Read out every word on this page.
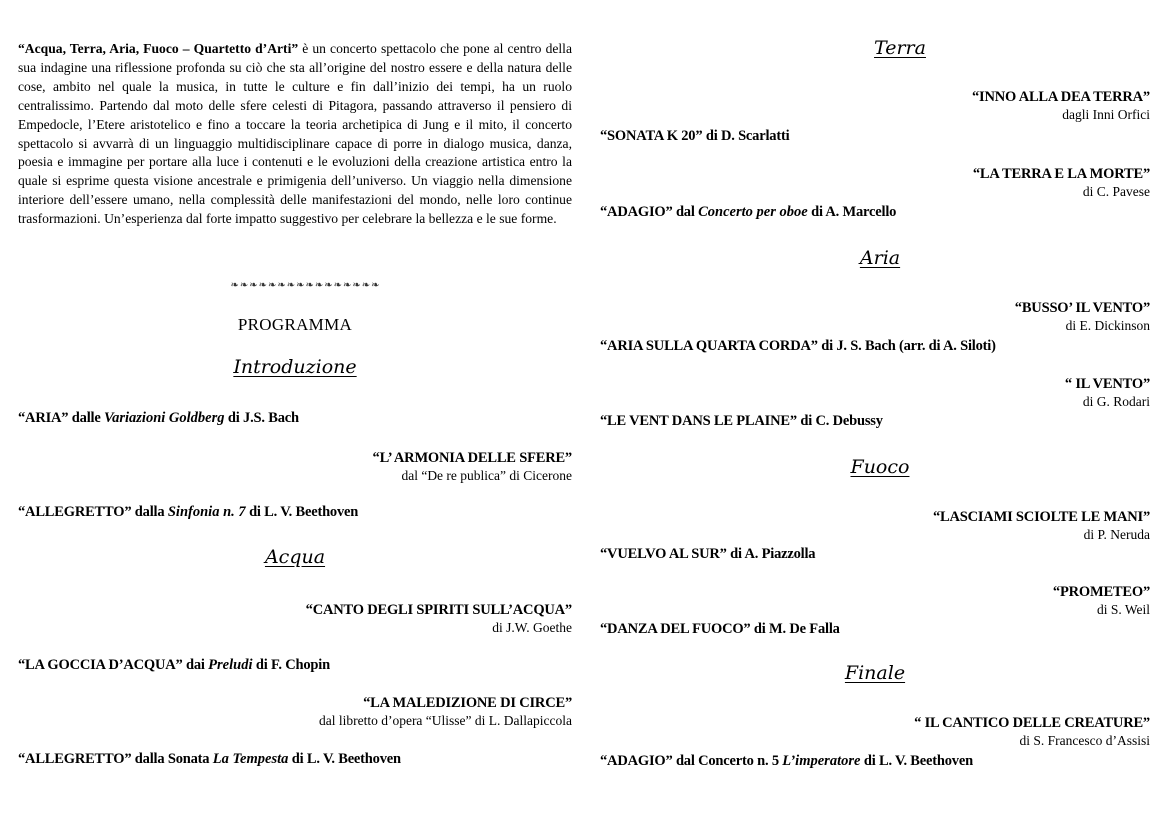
“Acqua, Terra, Aria, Fuoco – Quartetto d’Arti” è un concerto spettacolo che pone al centro della sua indagine una riflessione profonda su ciò che sta all’origine del nostro essere e della natura delle cose, ambito nel quale la musica, in tutte le culture e fin dall’inizio dei tempi, ha un ruolo centralissimo. Partendo dal moto delle sfere celesti di Pitagora, passando attraverso il pensiero di Empedocle, l’Etere aristotelico e fino a toccare la teoria archetipica di Jung e il mito, il concerto spettacolo si avvarrà di un linguaggio multidisciplinare capace di porre in dialogo musica, danza, poesia e immagine per portare alla luce i contenuti e le evoluzioni della creazione artistica entro la quale si esprime questa visione ancestrale e primigenia dell’universo. Un viaggio nella dimensione interiore dell’essere umano, nella complessità delle manifestazioni del mondo, nelle loro continue trasformazioni. Un’esperienza dal forte impatto suggestivo per celebrare la bellezza e le sue forme.

❧❧❧❧❧❧❧❧❧❧❧❧❧❧❧❧
PROGRAMMA
Introduzione
“ARIA” dalle Variazioni Goldberg di J.S. Bach
“L’ ARMONIA DELLE SFERE”
dal “De re publica” di Cicerone
“ALLEGRETTO” dalla Sinfonia n. 7 di L. V. Beethoven
Acqua
“CANTO DEGLI SPIRITI SULL’ACQUA”
di J.W. Goethe
“LA GOCCIA D’ACQUA” dai Preludi di F. Chopin
“LA MALEDIZIONE DI CIRCE”
dal libretto d’opera “Ulisse” di L. Dallapiccola
“ALLEGRETTO” dalla Sonata La Tempesta di L. V. Beethoven
Terra
“INNO ALLA DEA TERRA”
dagli Inni Orfici
“SONATA K 20” di D. Scarlatti
“LA TERRA E LA MORTE”
di C. Pavese
“ADAGIO” dal Concerto per oboe di A. Marcello
Aria
“BUSSO’ IL VENTO”
di E. Dickinson
“ARIA SULLA QUARTA CORDA” di J. S. Bach (arr. di A. Siloti)
“ IL VENTO”
di G. Rodari
“LE VENT DANS LE PLAINE” di C. Debussy
Fuoco
“LASCIAMI SCIOLTE LE MANI”
di P. Neruda
“VUELVO AL SUR” di A. Piazzolla
“PROMETEO”
di S. Weil
“DANZA DEL FUOCO” di M. De Falla
Finale
“ IL CANTICO DELLE CREATURE”
di S. Francesco d’Assisi
“ADAGIO” dal Concerto n. 5 L’imperatore di L. V. Beethoven
